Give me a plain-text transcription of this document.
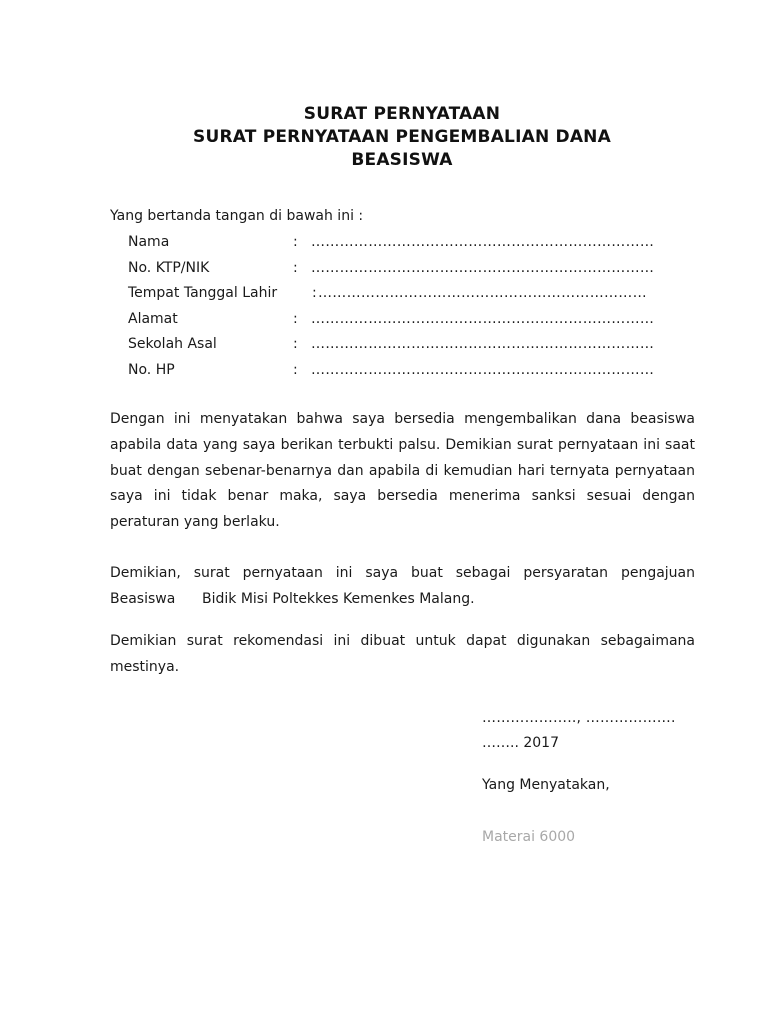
SURAT PERNYATAAN
SURAT PERNYATAAN PENGEMBALIAN DANA
BEASISWA
Yang bertanda tangan di bawah ini :
Nama	: ………………………………………………………………
No. KTP/NIK	: ………………………………………………………………
Tempat Tanggal Lahir : ……………………………………………………………
Alamat	: ………………………………………………………………
Sekolah Asal	: ………………………………………………………………
No. HP	: ………………………………………………………………
Dengan ini menyatakan bahwa saya bersedia mengembalikan dana beasiswa apabila data yang saya berikan terbukti palsu. Demikian surat pernyataan ini saat buat dengan sebenar-benarnya dan apabila di kemudian hari ternyata pernyataan saya ini tidak benar maka, saya bersedia menerima sanksi sesuai dengan peraturan yang berlaku.
Demikian, surat pernyataan ini saya buat sebagai persyaratan pengajuan Beasiswa      Bidik Misi Poltekkes Kemenkes Malang.
Demikian surat rekomendasi ini dibuat untuk dapat digunakan sebagaimana mestinya.
……………….., ……………….
…….. 2017
Yang Menyatakan,
Materai 6000
